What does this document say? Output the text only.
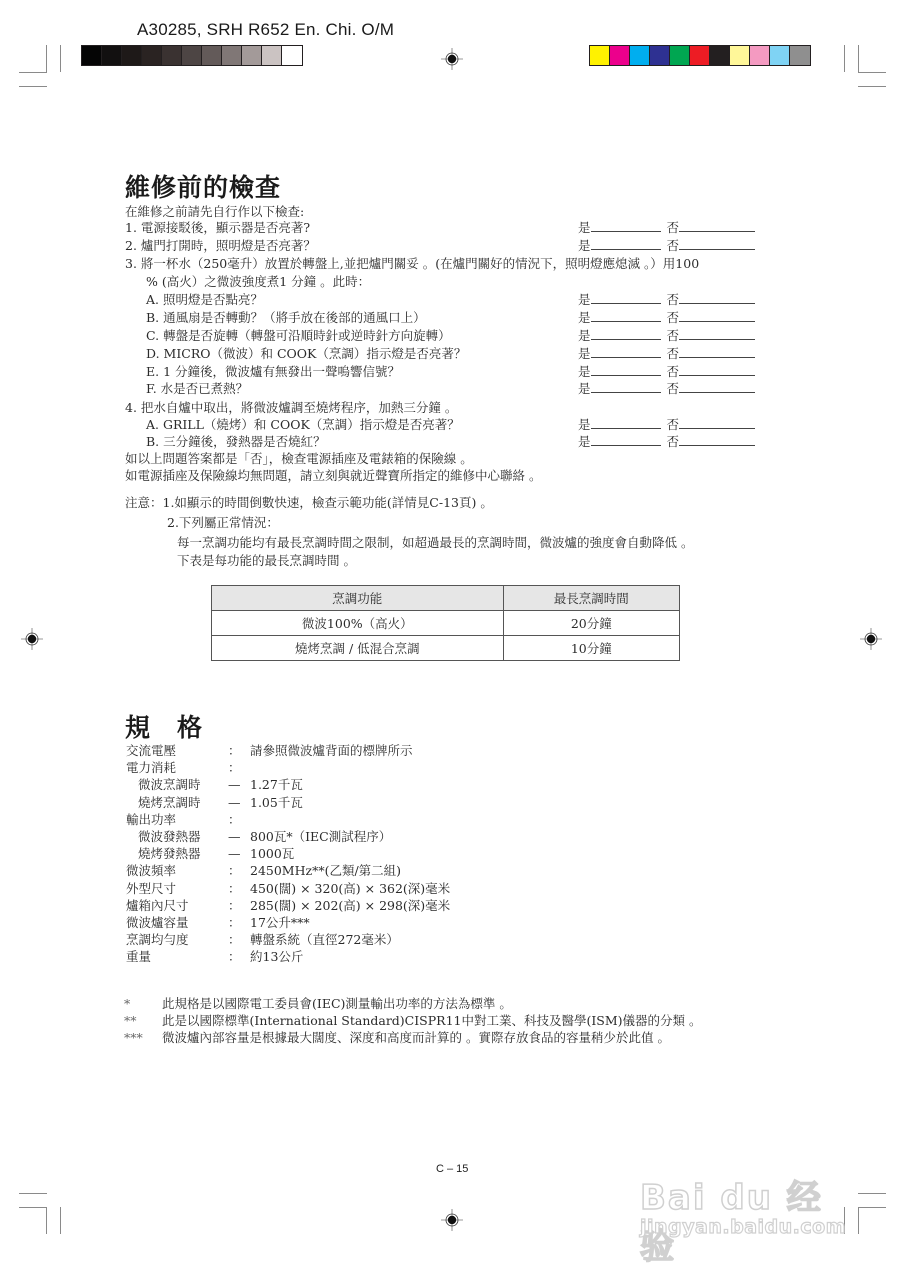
A30285, SRH R652 En. Chi. O/M
維修前的檢查
在維修之前請先自行作以下檢查:
1. 電源接駁後，顯示器是否亮著?	是	否
2. 爐門打開時，照明燈是否亮著？	是	否
3. 將一杯水（250毫升）放置於轉盤上,並把爐門關妥 。(在爐門關好的情況下，照明燈應熄滅 。）用100
% (高火）之微波強度煮1 分鐘 。此時：
A. 照明燈是否點亮？	是	否
B. 通風扇是否轉動？（將手放在後部的通風口上）	是	否
C. 轉盤是否旋轉（轉盤可沿順時針或逆時針方向旋轉）	是	否
D. MICRO（微波）和 COOK（烹調）指示燈是否亮著？	是	否
E. 1 分鐘後，微波爐有無發出一聲嗚響信號？	是	否
F. 水是否已煮熱？	是	否
4. 把水自爐中取出，將微波爐調至燒烤程序，加熱三分鐘 。
A. GRILL（燒烤）和 COOK（烹調）指示燈是否亮著？	是	否
B. 三分鐘後，發熱器是否燒紅？	是	否
如以上問題答案都是「否」，檢查電源插座及電錶箱的保險線 。
如電源插座及保險線均無問題，請立刻與就近聲寶所指定的維修中心聯絡 。
注意：1.如顯示的時間倒數快速，檢查示範功能(詳情見C-13頁) 。
2.下列屬正常情況：
每一烹調功能均有最長烹調時間之限制，如超過最長的烹調時間，微波爐的強度會自動降低 。
下表是每功能的最長烹調時間 。
烹調功能	最長烹調時間
微波100%（高火）	20分鐘
燒烤烹調 / 低混合烹調	10分鐘
規　格
交流電壓	： 請參照微波爐背面的標牌所示
電力消耗	：
微波烹調時 — 1.27千瓦
燒烤烹調時 — 1.05千瓦
輸出功率	：
微波發熱器 — 800瓦*（IEC測試程序）
燒烤發熱器 — 1000瓦
微波頻率	： 2450MHz**(乙類/第二組)
外型尺寸	： 450(闊) × 320(高) × 362(深)毫米
爐箱內尺寸	： 285(闊) × 202(高) × 298(深)毫米
微波爐容量	： 17公升***
烹調均勻度	： 轉盤系統（直徑272毫米）
重量	： 約13公斤
*	此規格是以國際電工委員會(IEC)測量輸出功率的方法為標準 。
** 此是以國際標準(International Standard)CISPR11中對工業、科技及醫學(ISM)儀器的分類 。
*** 微波爐內部容量是根據最大闊度、深度和高度而計算的 。實際存放食品的容量稍少於此值 。
C – 15
Bai du 经验
jingyan.baidu.com
